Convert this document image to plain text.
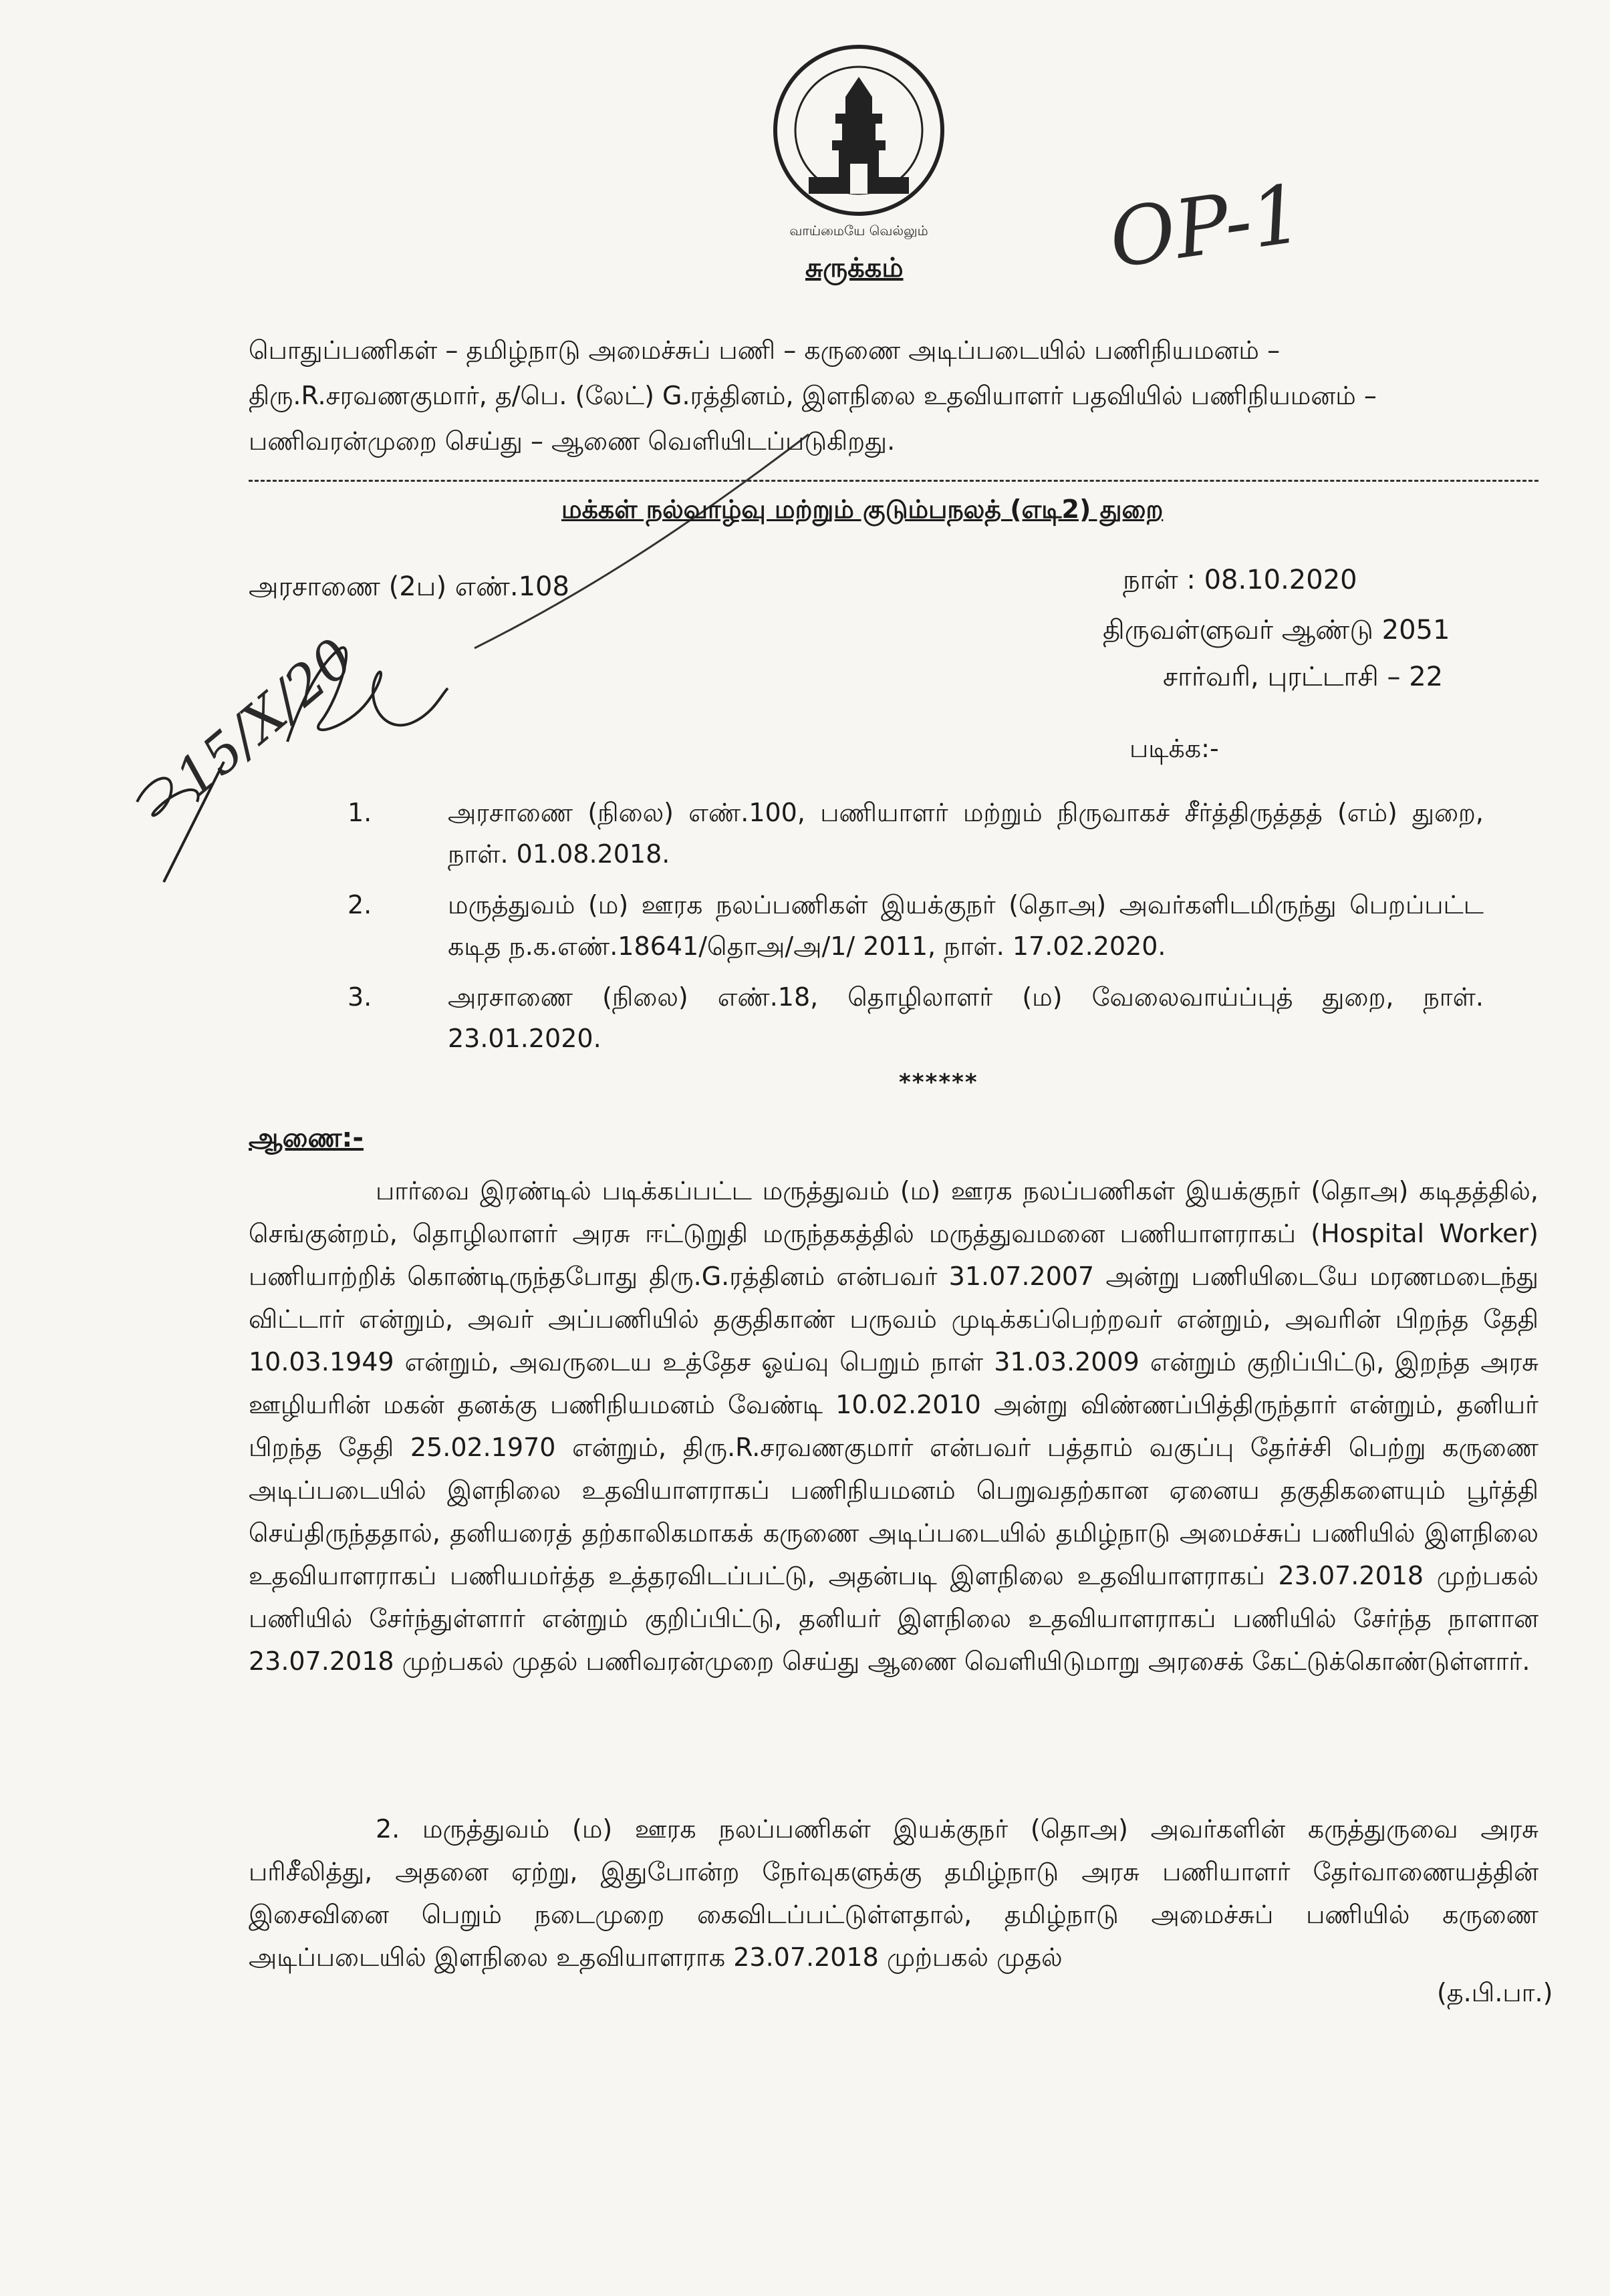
வாய்மையே வெல்லும் OP-1
15/X/20
சுருக்கம்
பொதுப்பணிகள் – தமிழ்நாடு அமைச்சுப் பணி – கருணை அடிப்படையில் பணிநியமனம் –
திரு.R.சரவணகுமார், த/பெ. (லேட்) G.ரத்தினம், இளநிலை உதவியாளர் பதவியில் பணிநியமனம் –
பணிவரன்முறை செய்து – ஆணை வெளியிடப்படுகிறது.
மக்கள் நல்வாழ்வு மற்றும் குடும்பநலத் (எடி2) துறை
அரசாணை (2ப) எண்.108	நாள் : 08.10.2020
திருவள்ளுவர் ஆண்டு 2051
சார்வரி, புரட்டாசி – 22
படிக்க:-
1.	அரசாணை (நிலை) எண்.100, பணியாளர் மற்றும் நிருவாகச் சீர்த்திருத்தத் (எம்) துறை, நாள். 01.08.2018.
2.	மருத்துவம் (ம) ஊரக நலப்பணிகள் இயக்குநர் (தொஅ) அவர்களிடமிருந்து பெறப்பட்ட கடித ந.க.எண்.18641/தொஅ/அ/1/ 2011, நாள். 17.02.2020.
3.	அரசாணை (நிலை) எண்.18, தொழிலாளர் (ம) வேலைவாய்ப்புத் துறை, நாள். 23.01.2020.
******
ஆணை:-
பார்வை இரண்டில் படிக்கப்பட்ட மருத்துவம் (ம) ஊரக நலப்பணிகள் இயக்குநர் (தொஅ) கடிதத்தில், செங்குன்றம், தொழிலாளர் அரசு ஈட்டுறுதி மருந்தகத்தில் மருத்துவமனை பணியாளராகப் (Hospital Worker) பணியாற்றிக் கொண்டிருந்தபோது திரு.G.ரத்தினம் என்பவர் 31.07.2007 அன்று பணியிடையே மரணமடைந்து விட்டார் என்றும், அவர் அப்பணியில் தகுதிகாண் பருவம் முடிக்கப்பெற்றவர் என்றும், அவரின் பிறந்த தேதி 10.03.1949 என்றும், அவருடைய உத்தேச ஓய்வு பெறும் நாள் 31.03.2009 என்றும் குறிப்பிட்டு, இறந்த அரசு ஊழியரின் மகன் தனக்கு பணிநியமனம் வேண்டி 10.02.2010 அன்று விண்ணப்பித்திருந்தார் என்றும், தனியர் பிறந்த தேதி 25.02.1970 என்றும், திரு.R.சரவணகுமார் என்பவர் பத்தாம் வகுப்பு தேர்ச்சி பெற்று கருணை அடிப்படையில் இளநிலை உதவியாளராகப் பணிநியமனம் பெறுவதற்கான ஏனைய தகுதிகளையும் பூர்த்தி செய்திருந்ததால், தனியரைத் தற்காலிகமாகக் கருணை அடிப்படையில் தமிழ்நாடு அமைச்சுப் பணியில் இளநிலை உதவியாளராகப் பணியமர்த்த உத்தரவிடப்பட்டு, அதன்படி இளநிலை உதவியாளராகப் 23.07.2018 முற்பகல் பணியில் சேர்ந்துள்ளார் என்றும் குறிப்பிட்டு, தனியர் இளநிலை உதவியாளராகப் பணியில் சேர்ந்த நாளான 23.07.2018 முற்பகல் முதல் பணிவரன்முறை செய்து ஆணை வெளியிடுமாறு அரசைக் கேட்டுக்கொண்டுள்ளார்.
2. மருத்துவம் (ம) ஊரக நலப்பணிகள் இயக்குநர் (தொஅ) அவர்களின் கருத்துருவை அரசு பரிசீலித்து, அதனை ஏற்று, இதுபோன்ற நேர்வுகளுக்கு தமிழ்நாடு அரசு பணியாளர் தேர்வாணையத்தின் இசைவினை பெறும் நடைமுறை கைவிடப்பட்டுள்ளதால், தமிழ்நாடு அமைச்சுப் பணியில் கருணை அடிப்படையில் இளநிலை உதவியாளராக 23.07.2018 முற்பகல் முதல்
(த.பி.பா.)
